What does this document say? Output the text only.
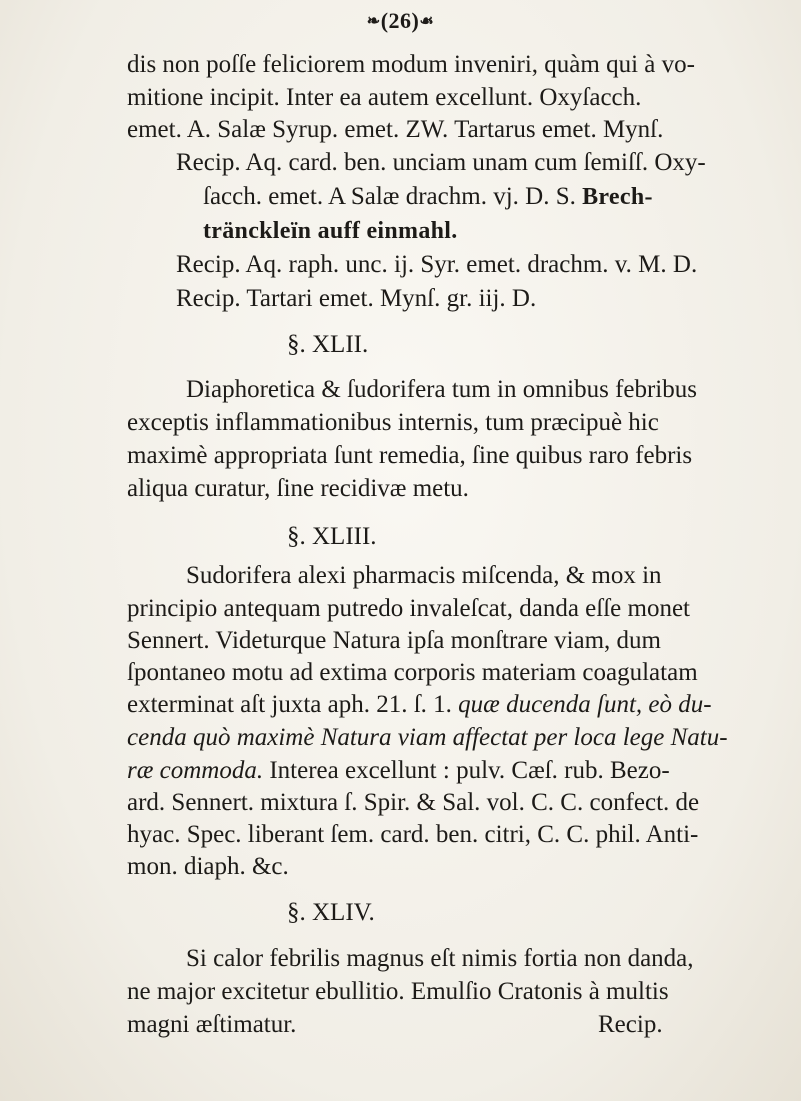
❧(26)☙
dis non poſſe feliciorem modum inveniri, quàm qui à vo-
mitione incipit. Inter ea autem excellunt. Oxyſacch.
emet. A. Salæ Syrup. emet. ZW. Tartarus emet. Mynſ.
Recip. Aq. card. ben. unciam unam cum ſemiſſ. Oxy-
ſacch. emet. A Salæ drachm. vj. D. S. Brech-
tränckleïn auff einmahl.
Recip. Aq. raph. unc. ij. Syr. emet. drachm. v. M. D.
Recip. Tartari emet. Mynſ. gr. iij. D.
§. XLII.
Diaphoretica & ſudorifera tum in omnibus febribus
exceptis inflammationibus internis, tum præcipuè hic
maximè appropriata ſunt remedia, ſine quibus raro febris
aliqua curatur, ſine recidivæ metu.
§. XLIII.
Sudorifera alexi pharmacis miſcenda, & mox in
principio antequam putredo invaleſcat, danda eſſe monet
Sennert. Videturque Natura ipſa monſtrare viam, dum
ſpontaneo motu ad extima corporis materiam coagulatam
exterminat aſt juxta aph. 21. ſ. 1. quæ ducenda ſunt, eò du-
cenda quò maximè Natura viam affectat per loca lege Natu-
ræ commoda. Interea excellunt : pulv. Cæſ. rub. Bezo-
ard. Sennert. mixtura ſ. Spir. & Sal. vol. C. C. confect. de
hyac. Spec. liberant ſem. card. ben. citri, C. C. phil. Anti-
mon. diaph. &c.
§. XLIV.
Si calor febrilis magnus eſt nimis fortia non danda,
ne major excitetur ebullitio. Emulſio Cratonis à multis
magni æſtimatur.	Recip.
